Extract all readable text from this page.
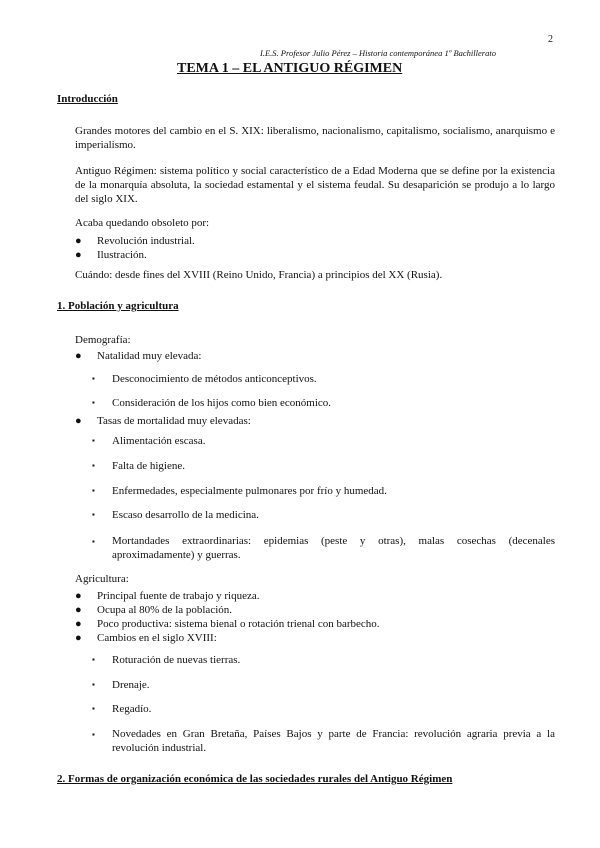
2
I.E.S. Profesor Julio Pérez – Historia contemporánea 1º Bachillerato
TEMA 1 – EL ANTIGUO RÉGIMEN
Introducción
Grandes motores del cambio en el S. XIX: liberalismo, nacionalismo, capitalismo, socialismo, anarquismo e imperialismo.
Antiguo Régimen: sistema político y social característico de a Edad Moderna que se define por la existencia de la monarquía absoluta, la sociedad estamental y el sistema feudal. Su desaparición se produjo a lo largo del siglo XIX.
Acaba quedando obsoleto por:
● Revolución industrial.
● Ilustración.
Cuándo: desde fines del XVIII (Reino Unido, Francia) a principios del XX (Rusia).
1. Población y agricultura
Demografía:
● Natalidad muy elevada:
▪ Desconocimiento de métodos anticonceptivos.
▪ Consideración de los hijos como bien económico.
● Tasas de mortalidad muy elevadas:
▪ Alimentación escasa.
▪ Falta de higiene.
▪ Enfermedades, especialmente pulmonares por frío y humedad.
▪ Escaso desarrollo de la medicina.
▪	Mortandades extraordinarias: epidemias (peste y otras), malas cosechas (decenales aproximadamente) y guerras.
Agricultura:
● Principal fuente de trabajo y riqueza.
● Ocupa al 80% de la población.
● Poco productiva: sistema bienal o rotación trienal con barbecho.
● Cambios en el siglo XVIII:
▪ Roturación de nuevas tierras.
▪ Drenaje.
▪ Regadío.
▪	Novedades en Gran Bretaña, Países Bajos y parte de Francia: revolución agraria previa a la revolución industrial.
2. Formas de organización económica de las sociedades rurales del Antiguo Régimen
